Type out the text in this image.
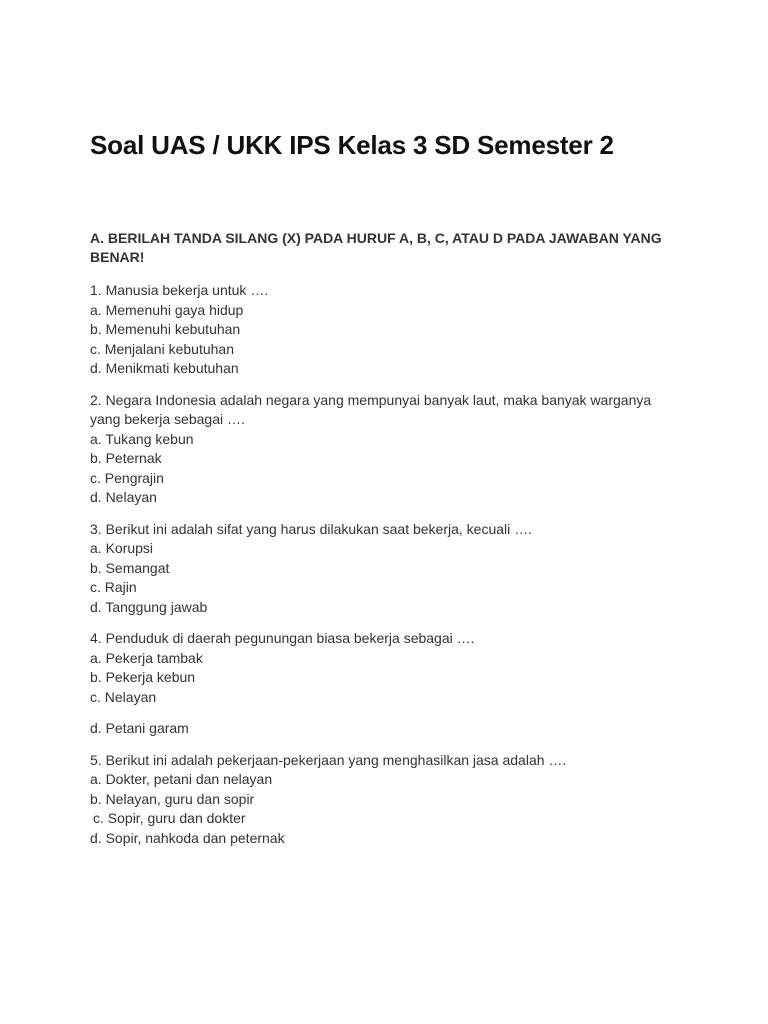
Soal UAS / UKK IPS Kelas 3 SD Semester 2

A. BERILAH TANDA SILANG (X) PADA HURUF A, B, C, ATAU D PADA JAWABAN YANG BENAR!

1. Manusia bekerja untuk ….
a. Memenuhi gaya hidup
b. Memenuhi kebutuhan
c. Menjalani kebutuhan
d. Menikmati kebutuhan
2. Negara Indonesia adalah negara yang mempunyai banyak laut, maka banyak warganya yang bekerja sebagai ….
a. Tukang kebun
b. Peternak
c. Pengrajin
d. Nelayan
3. Berikut ini adalah sifat yang harus dilakukan saat bekerja, kecuali ….
a. Korupsi
b. Semangat
c. Rajin
d. Tanggung jawab
4. Penduduk di daerah pegunungan biasa bekerja sebagai ….
a. Pekerja tambak
b. Pekerja kebun
c. Nelayan
d. Petani garam
5. Berikut ini adalah pekerjaan-pekerjaan yang menghasilkan jasa adalah ….
a. Dokter, petani dan nelayan
b. Nelayan, guru dan sopir
c. Sopir, guru dan dokter
d. Sopir, nahkoda dan peternak
